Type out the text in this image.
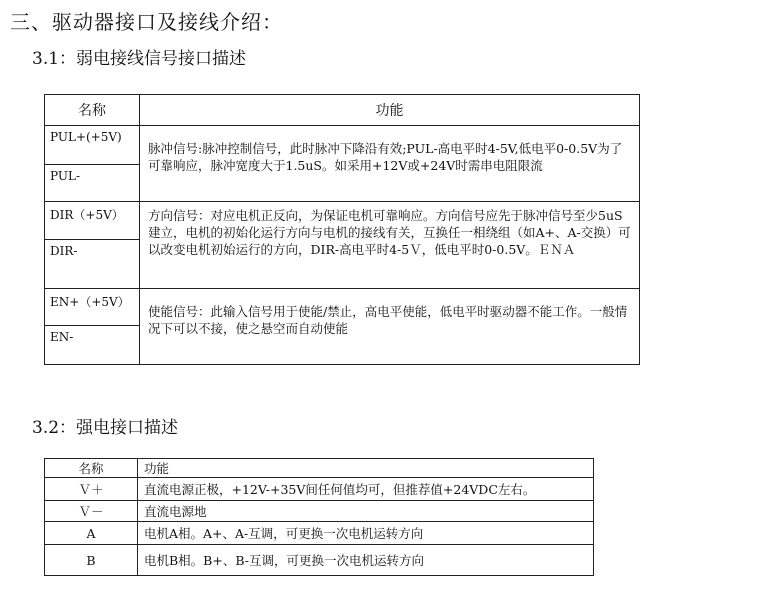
三、驱动器接口及接线介绍：
3.1：弱电接线信号接口描述
名称	功能
PUL+(+5V)	脉冲信号:脉冲控制信号，此时脉冲下降沿有效;PUL-高电平时4-5V,低电平0-0.5V为了可靠响应，脉冲宽度大于1.5uS。如采用+12V或+24V时需串电阻限流
PUL-	
DIR（+5V）	方向信号：对应电机正反向，为保证电机可靠响应。方向信号应先于脉冲信号至少5uS建立，电机的初始化运行方向与电机的接线有关，互换任一相绕组（如A+、A-交换）可以改变电机初始运行的方向，DIR-高电平时4-5Ｖ，低电平时0-0.5V。ＥＮＡ
DIR-	
EN+（+5V）	使能信号：此输入信号用于使能/禁止，高电平使能，低电平时驱动器不能工作。一般情况下可以不接，使之悬空而自动使能
EN-	
3.2：强电接口描述
名称	功能
Ｖ＋	直流电源正极，+12V-+35V间任何值均可，但推荐值+24VDC左右。
Ｖ－	直流电源地
A	电机A相。A+、A-互调，可更换一次电机运转方向
B	电机B相。B+、B-互调，可更换一次电机运转方向
